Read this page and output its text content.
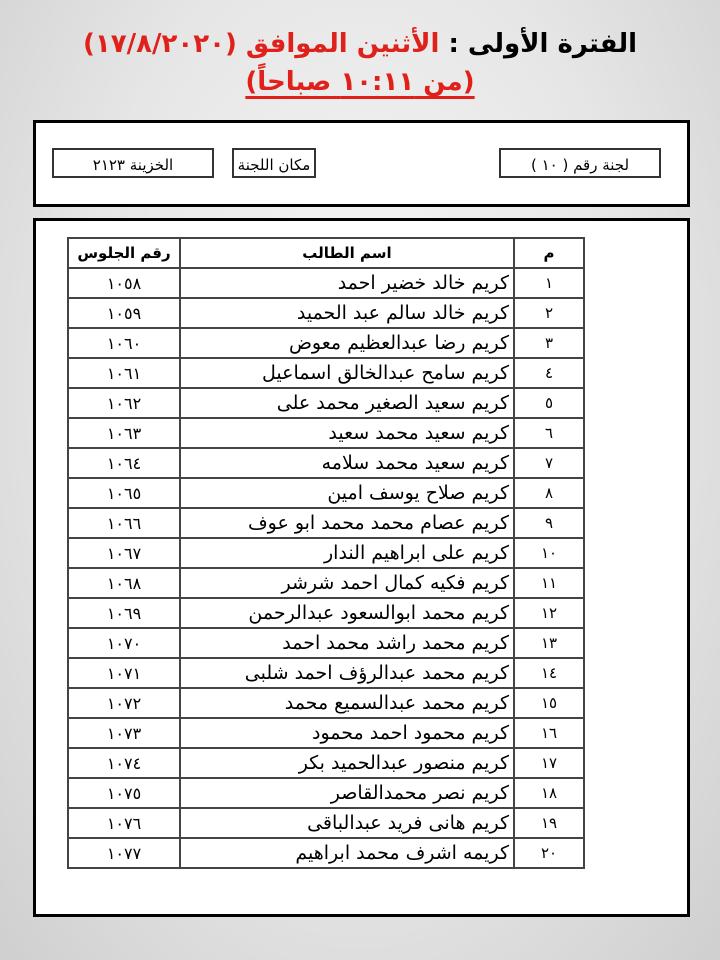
الفترة الأولى : الأثنين الموافق (١٧/٨/٢٠٢٠)
(من ١٠:١١ صباحاً)
لجنة رقم ( ١٠ )
مكان اللجنة
الخزينة ٢١٢٣
م	اسم الطالب	رقم الجلوس
١	كريم خالد خضير احمد	١٠٥٨
٢	كريم خالد سالم عبد الحميد	١٠٥٩
٣	كريم رضا عبدالعظيم معوض	١٠٦٠
٤	كريم سامح عبدالخالق اسماعيل	١٠٦١
٥	كريم سعيد الصغير محمد على	١٠٦٢
٦	كريم سعيد محمد سعيد	١٠٦٣
٧	كريم سعيد محمد سلامه	١٠٦٤
٨	كريم صلاح يوسف امين	١٠٦٥
٩	كريم عصام محمد محمد ابو عوف	١٠٦٦
١٠	كريم على ابراهيم الندار	١٠٦٧
١١	كريم فكيه كمال احمد شرشر	١٠٦٨
١٢	كريم محمد ابوالسعود عبدالرحمن	١٠٦٩
١٣	كريم محمد راشد محمد احمد	١٠٧٠
١٤	كريم محمد عبدالرؤف احمد شلبى	١٠٧١
١٥	كريم محمد عبدالسميع محمد	١٠٧٢
١٦	كريم محمود احمد محمود	١٠٧٣
١٧	كريم منصور عبدالحميد بكر	١٠٧٤
١٨	كريم نصر محمدالقاصر	١٠٧٥
١٩	كريم هانى فريد عبدالباقى	١٠٧٦
٢٠	كريمه اشرف محمد ابراهيم	١٠٧٧
